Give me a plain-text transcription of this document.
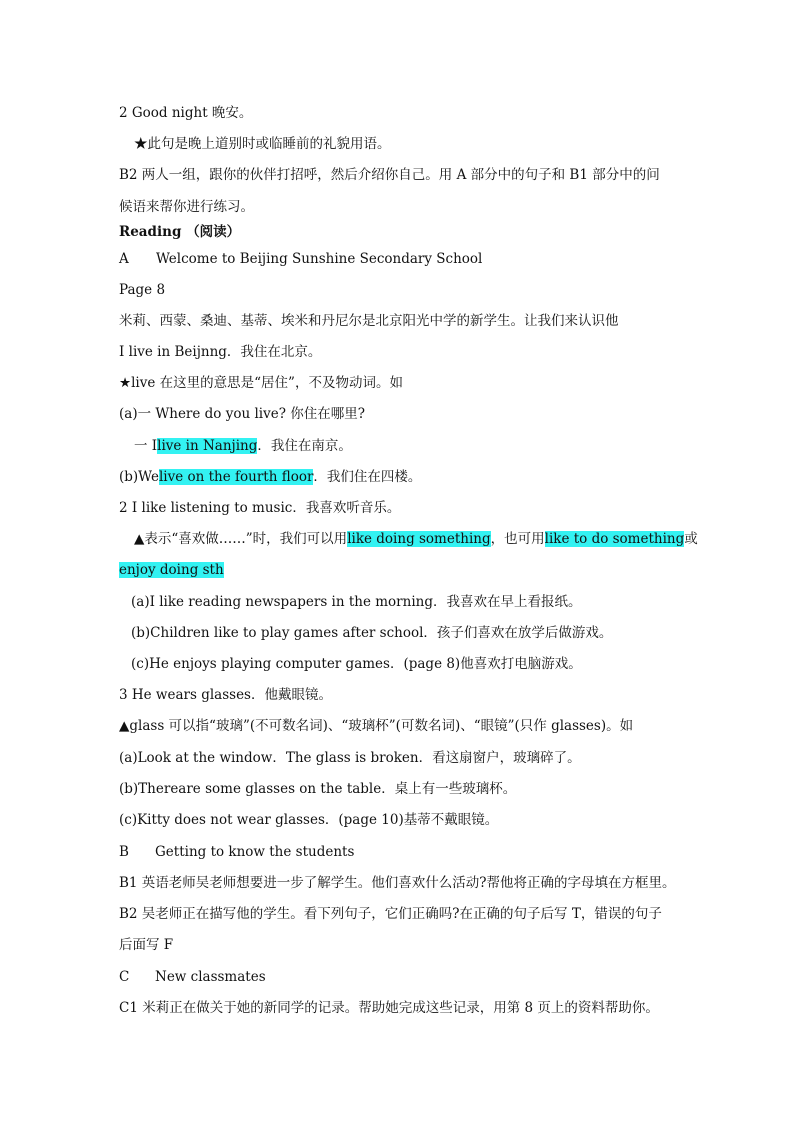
2 Good night 晚安。
★此句是晚上道别时或临睡前的礼貌用语。
B2 两人一组，跟你的伙伴打招呼，然后介绍你自己。用 A 部分中的句子和 B1 部分中的问
候语来帮你进行练习。
Reading （阅读）
A Welcome to Beijing Sunshine Secondary School
Page 8
米莉、西蒙、桑迪、基蒂、埃米和丹尼尔是北京阳光中学的新学生。让我们来认识他
I live in Beijnng．我住在北京。
★live 在这里的意思是“居住”，不及物动词。如
(a)一 Where do you live? 你住在哪里?
一 Ilive in Nanjing．我住在南京。
(b)Welive on the fourth floor．我们住在四楼。
2 I like listening to music．我喜欢听音乐。
▲表示“喜欢做……”时，我们可以用like doing something，也可用like to do something或
enjoy doing sth
(a)I like reading newspapers in the morning．我喜欢在早上看报纸。
(b)Children like to play games after school．孩子们喜欢在放学后做游戏。
(c)He enjoys playing computer games．(page 8)他喜欢打电脑游戏。
3 He wears glasses．他戴眼镜。
▲glass 可以指“玻璃”(不可数名词)、“玻璃杯”(可数名词)、“眼镜”(只作 glasses)。如
(a)Look at the window．The glass is broken．看这扇窗户，玻璃碎了。
(b)Thereare some glasses on the table．桌上有一些玻璃杯。
(c)Kitty does not wear glasses．(page 10)基蒂不戴眼镜。
B Getting to know the students
B1 英语老师吴老师想要进一步了解学生。他们喜欢什么活动?帮他将正确的字母填在方框里。
B2 吴老师正在描写他的学生。看下列句子，它们正确吗?在正确的句子后写 T，错误的句子
后面写 F
C New classmates
C1 米莉正在做关于她的新同学的记录。帮助她完成这些记录，用第 8 页上的资料帮助你。
